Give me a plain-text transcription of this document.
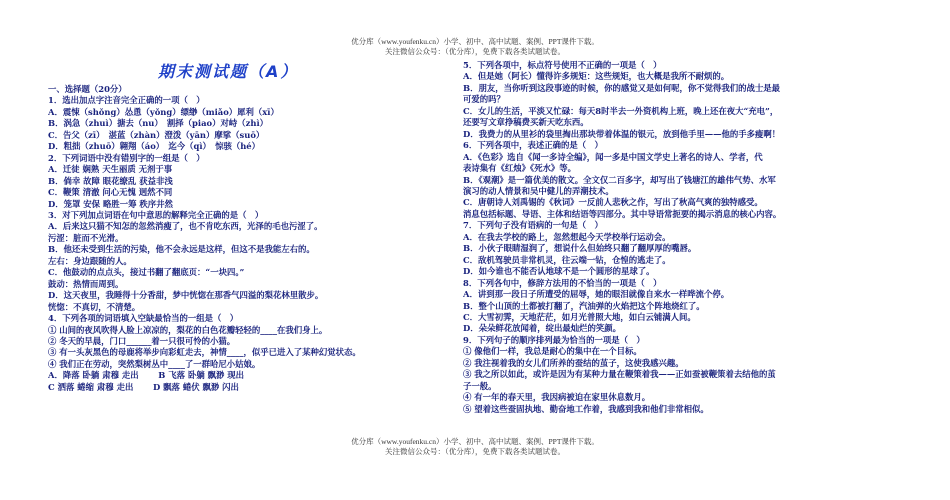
优分库（www.youfenku.cn）小学、初中、高中试题、案例、PPT课件下载。
关注微信公众号：（优分库），免费下载各类试题试卷。
期末测试题（A）
一、选择题（20分）
1．选出加点字注音完全正确的一项（　）
A．震悚（shǒng）怂恿（yǒng）缥缈（miǎo）犀利（xī）
B．涡急（zhuì）搪去（nu）　割择（piao）对峙（zhì）
C．告父（zī）　湛蓝（zhàn）澄泼（yān）摩挲（suō）
D．粗拙（zhuō）翱翔（áo）　迄今（qì）　惊骇（hé）
2．下列词语中没有错别字的一组是（　）
A．迁徒 娴熟 天生丽质 无剂于事
B．倘幸 故障 眼花缭乱 获益非浅
C．鞭策 清澈 问心无愧 迥然不同
D．笼罩 安保 略胜一筹 秩序井然
3．对下列加点词语在句中意思的解释完全正确的是（　）
A．后来这只猫不知怎的忽然消瘦了，也不肯吃东西，光泽的毛也污涩了。
污涩：脏而不光滑。
B．他还未受到生活的污染，他不会永远是这样，但这不是我能左右的。
左右：身边跟随的人。
C．他鼓动的点点头，接过书翻了翻底页：“一块四。”
鼓动：热情而周到。
D．这天夜里，我睡得十分香甜，梦中恍惚在那香气四溢的梨花林里散步。
恍惚：不真切，不清楚。
4．下列各项的词语填入空缺最恰当的一组是（　）
① 山间的夜风吹得人脸上凉凉的，梨花的白色花瓣轻轻的____在我们身上。
② 冬天的早晨，门口______着一只很可怜的小猫。
③ 有一头灰黑色的母鹿将举步向彩虹走去，神情____，似乎已进入了某种幻觉状态。
④ 我们正在劳动，突然梨树丛中____了一群哈尼小姑娘。
A．降落 卧躺 肃穆 走出　　 B 飞落 卧躺 飘渺 现出
C 洒落 蜷缩 肃穆 走出　　 D 飘落 蜷伏 飘渺 闪出
5．下列各项中，标点符号使用不正确的一项是（　）
A．但是她（阿长）懂得许多规矩：这些规矩，也大概是我所不耐烦的。
B．朋友，当你听到这段事迹的时候，你的感觉又是如何呢，你不觉得我们的战士是最
可爱的吗？
C．女儿的生活，平淡又忙碌：每天8时半去一外资机构上班，晚上还在夜大“充电”，
还要写文章挣稿费买新天吃东西。
D．我费力的从里衫的袋里掏出那块带着体温的银元，放到他手里——他的手多瘦啊！
6．下列各项中，表述正确的是（　）
A．《色彩》选自《闻一多诗全编》，闻一多是中国文学史上著名的诗人、学者，代
表诗集有《红烛》《死水》等。
B．《观潮》是一篇优美的散文。全文仅二百多字，却写出了钱塘江的雄伟气势、水军
演习的动人情景和吴中健儿的弄潮技术。
C．唐朝诗人刘禹锡的《秋词》一反前人悲秋之作，写出了秋高气爽的独特感受。
消息包括标题、导语、主体和结语等四部分。其中导语常扼要的揭示消息的核心内容。
7．下列句子没有语病的一句是（　）
A．在我去学校的路上，忽然想起今天学校举行运动会。
B．小伙子眼睛湿润了，想说什么但始终只翻了翻厚厚的嘴唇。
C．敌机驾驶员非常机灵，往云端一钻，仓惶的逃走了。
D．如今谁也不能否认地球不是一个圆形的星球了。
8．下列各句中，修辞方法用的不恰当的一项是（　）
A．讲到那一段日子所遭受的屈辱，她的眼泪就像自来水一样哗流个停。
B．整个山顶的土都被打翻了，汽油弹的火焰把这个阵地烧红了。
C．大雪初霁，天地茫茫，如月光普照大地，如白云铺满人间。
D．朵朵鲜花放闻着，绽出最灿烂的笑颜。
9．下列句子的顺序排列最为恰当的一项是（　）
① 像他们一样，我总是耐心的集中在一个目标。
② 我注视着我的女儿们所养的蚕结的茧子，这使我感兴趣。
③ 我之所以如此，或许是因为有某种力量在鞭策着我——正如蚕被鞭策着去结他的茧
子一般。
④ 有一年的春天里，我因病被迫在家里休息数月。
⑤ 望着这些蚕固执地、勤奋地工作着，我感到我和他们非常相似。
优分库（www.youfenku.cn）小学、初中、高中试题、案例、PPT课件下载。
关注微信公众号：（优分库），免费下载各类试题试卷。
